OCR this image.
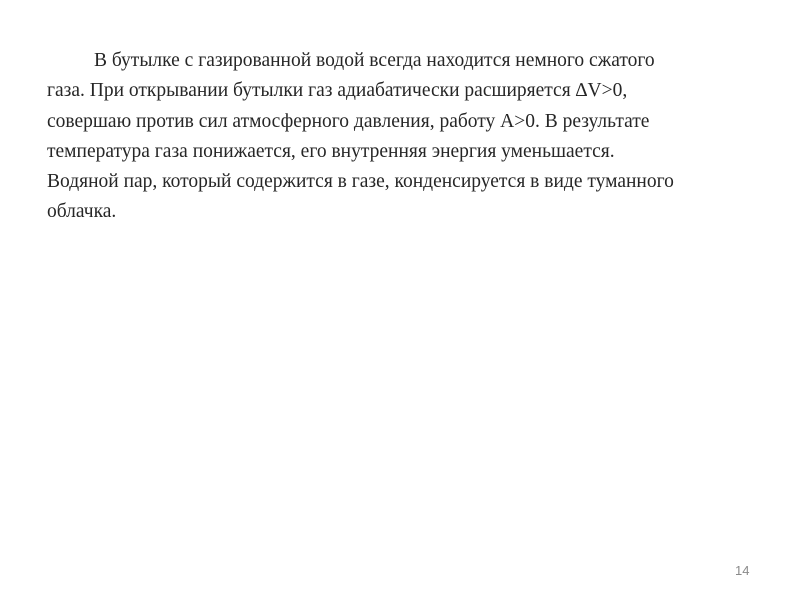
В бутылке с газированной водой всегда находится немного сжатого
газа. При открывании бутылки газ адиабатически расширяется ∆V>0,
совершаю против сил атмосферного давления, работу А>0. В результате
температура газа понижается, его внутренняя энергия уменьшается.
Водяной пар, который содержится в газе, конденсируется в виде туманного
облачка.

14
